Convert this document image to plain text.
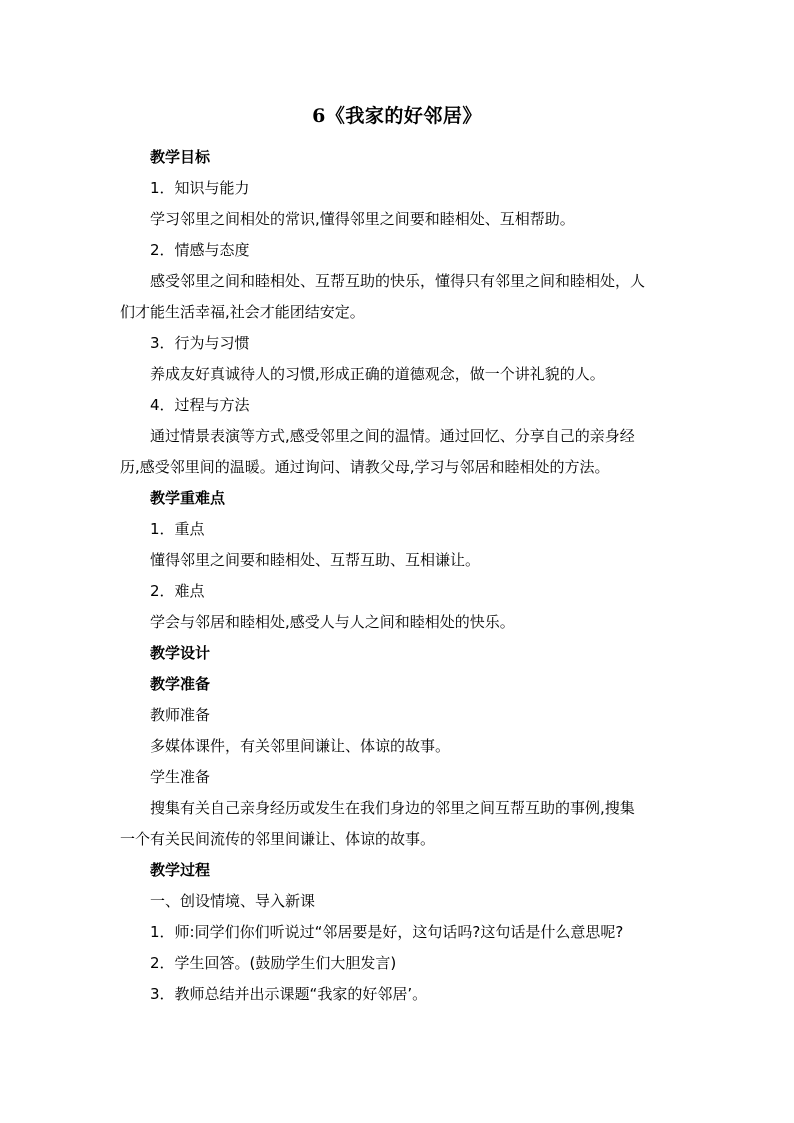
6《我家的好邻居》
教学目标
1．知识与能力
学习邻里之间相处的常识,懂得邻里之间要和睦相处、互相帮助。
2．情感与态度
感受邻里之间和睦相处、互帮互助的快乐，懂得只有邻里之间和睦相处，人
们才能生活幸福,社会才能团结安定。
3．行为与习惯
养成友好真诚待人的习惯,形成正确的道德观念，做一个讲礼貌的人。
4．过程与方法
通过情景表演等方式,感受邻里之间的温情。通过回忆、分享自己的亲身经
历,感受邻里间的温暖。通过询问、请教父母,学习与邻居和睦相处的方法。
教学重难点
1．重点
懂得邻里之间要和睦相处、互帮互助、互相谦让。
2．难点
学会与邻居和睦相处,感受人与人之间和睦相处的快乐。
教学设计
教学准备
教师准备
多媒体课件，有关邻里间谦让、体谅的故事。
学生准备
搜集有关自己亲身经历或发生在我们身边的邻里之间互帮互助的事例,搜集
一个有关民间流传的邻里间谦让、体谅的故事。
教学过程
一、创设情境、导入新课
1．师:同学们你们听说过“邻居要是好，这句话吗?这句话是什么意思呢?
2．学生回答。(鼓励学生们大胆发言)
3．教师总结并出示课题“我家的好邻居’。
